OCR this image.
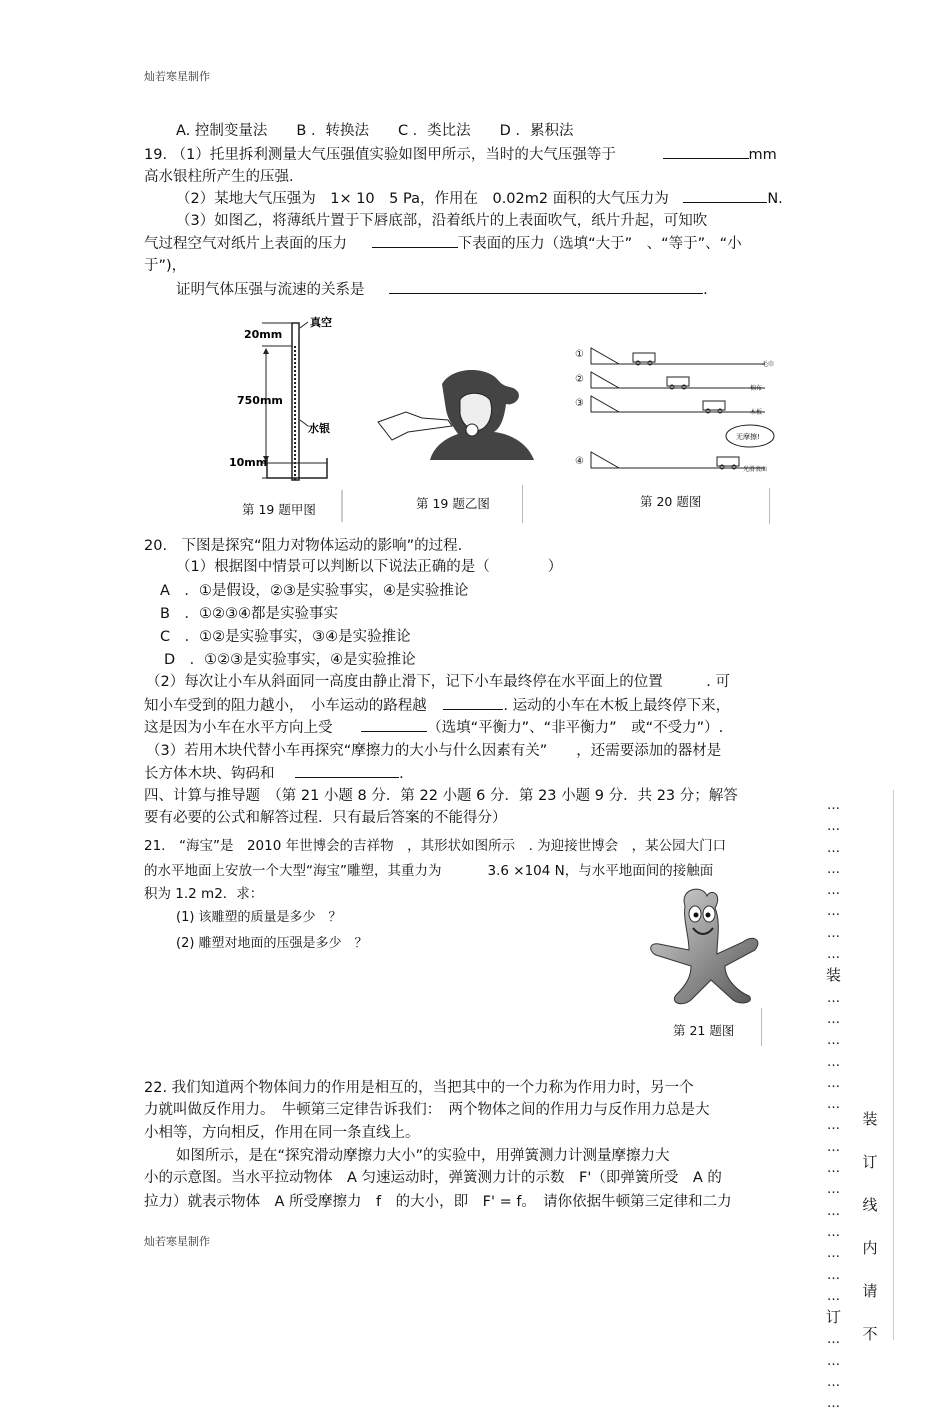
灿若寒星制作
灿若寒星制作
A. 控制变量法　　B ．转换法　　C ．类比法　　D ．累积法
19. （1）托里拆利测量大气压强值实验如图甲所示，当时的大气压强等于	mm
高水银柱所产生的压强.
（2）某地大气压强为　1× 10　5 Pa，作用在　0.02m2 面积的大气压力为	N.
（3）如图乙，将薄纸片置于下唇底部，沿着纸片的上表面吹气，纸片升起，可知吹
气过程空气对纸片上表面的压力	下表面的压力（选填“大于”　、“等于”、“小
于”)，
证明气体压强与流速的关系是	.
20mm
750mm
10mm
真空
水银
第 19 题甲图	第 19 题乙图
①
②
③
④
毛巾
棉布
木板
光滑表面
无摩擦!
第 20 题图
20.　下图是探究“阻力对物体运动的影响”的过程.
（1）根据图中情景可以判断以下说法正确的是（　　　　）
A　．①是假设，②③是实验事实，④是实验推论
B　．①②③④都是实验事实
C　．①②是实验事实，③④是实验推论
D　．①②③是实验事实，④是实验推论
（2）每次让小车从斜面同一高度由静止滑下，记下小车最终停在水平面上的位置　　　. 可
知小车受到的阻力越小，　小车运动的路程越	. 运动的小车在木板上最终停下来，
这是因为小车在水平方向上受	（选填“平衡力”、“非平衡力”　或“不受力”）.
（3）若用木块代替小车再探究“摩擦力的大小与什么因素有关”　　，还需要添加的器材是
长方体木块、钩码和	.
四、计算与推导题　（第 21 小题 8 分．第 22 小题 6 分．第 23 小题 9 分．共 23 分；解答
要有必要的公式和解答过程．只有最后答案的不能得分）
21.　“海宝”是　2010 年世博会的吉祥物　，其形状如图所示　. 为迎接世博会　，某公园大门口
的水平地面上安放一个大型“海宝”雕塑，其重力为	3.6 ×104 N，与水平地面间的接触面
积为 1.2 m2．求：
(1) 该雕塑的质量是多少　？
(2) 雕塑对地面的压强是多少　？
第 21 题图
22. 我们知道两个物体间力的作用是相互的，当把其中的一个力称为作用力时，另一个
力就叫做反作用力。　牛顿第三定律告诉我们：　两个物体之间的作用力与反作用力总是大
小相等，方向相反，作用在同一条直线上。
如图所示，是在“探究滑动摩擦力大小”的实验中，用弹簧测力计测量摩擦力大
小的示意图。当水平拉动物体　A 匀速运动时，弹簧测力计的示数　F'（即弹簧所受　A 的
拉力）就表示物体　A 所受摩擦力　f　的大小，即　F' = f。　请你依据牛顿第三定律和二力
…
…
…
…
…
…
…
…
装
…
…
…
…
…
…
…
…
…
…
…
…
…
…
…
订
…
…
…
…
装
订
线
内
请
不
